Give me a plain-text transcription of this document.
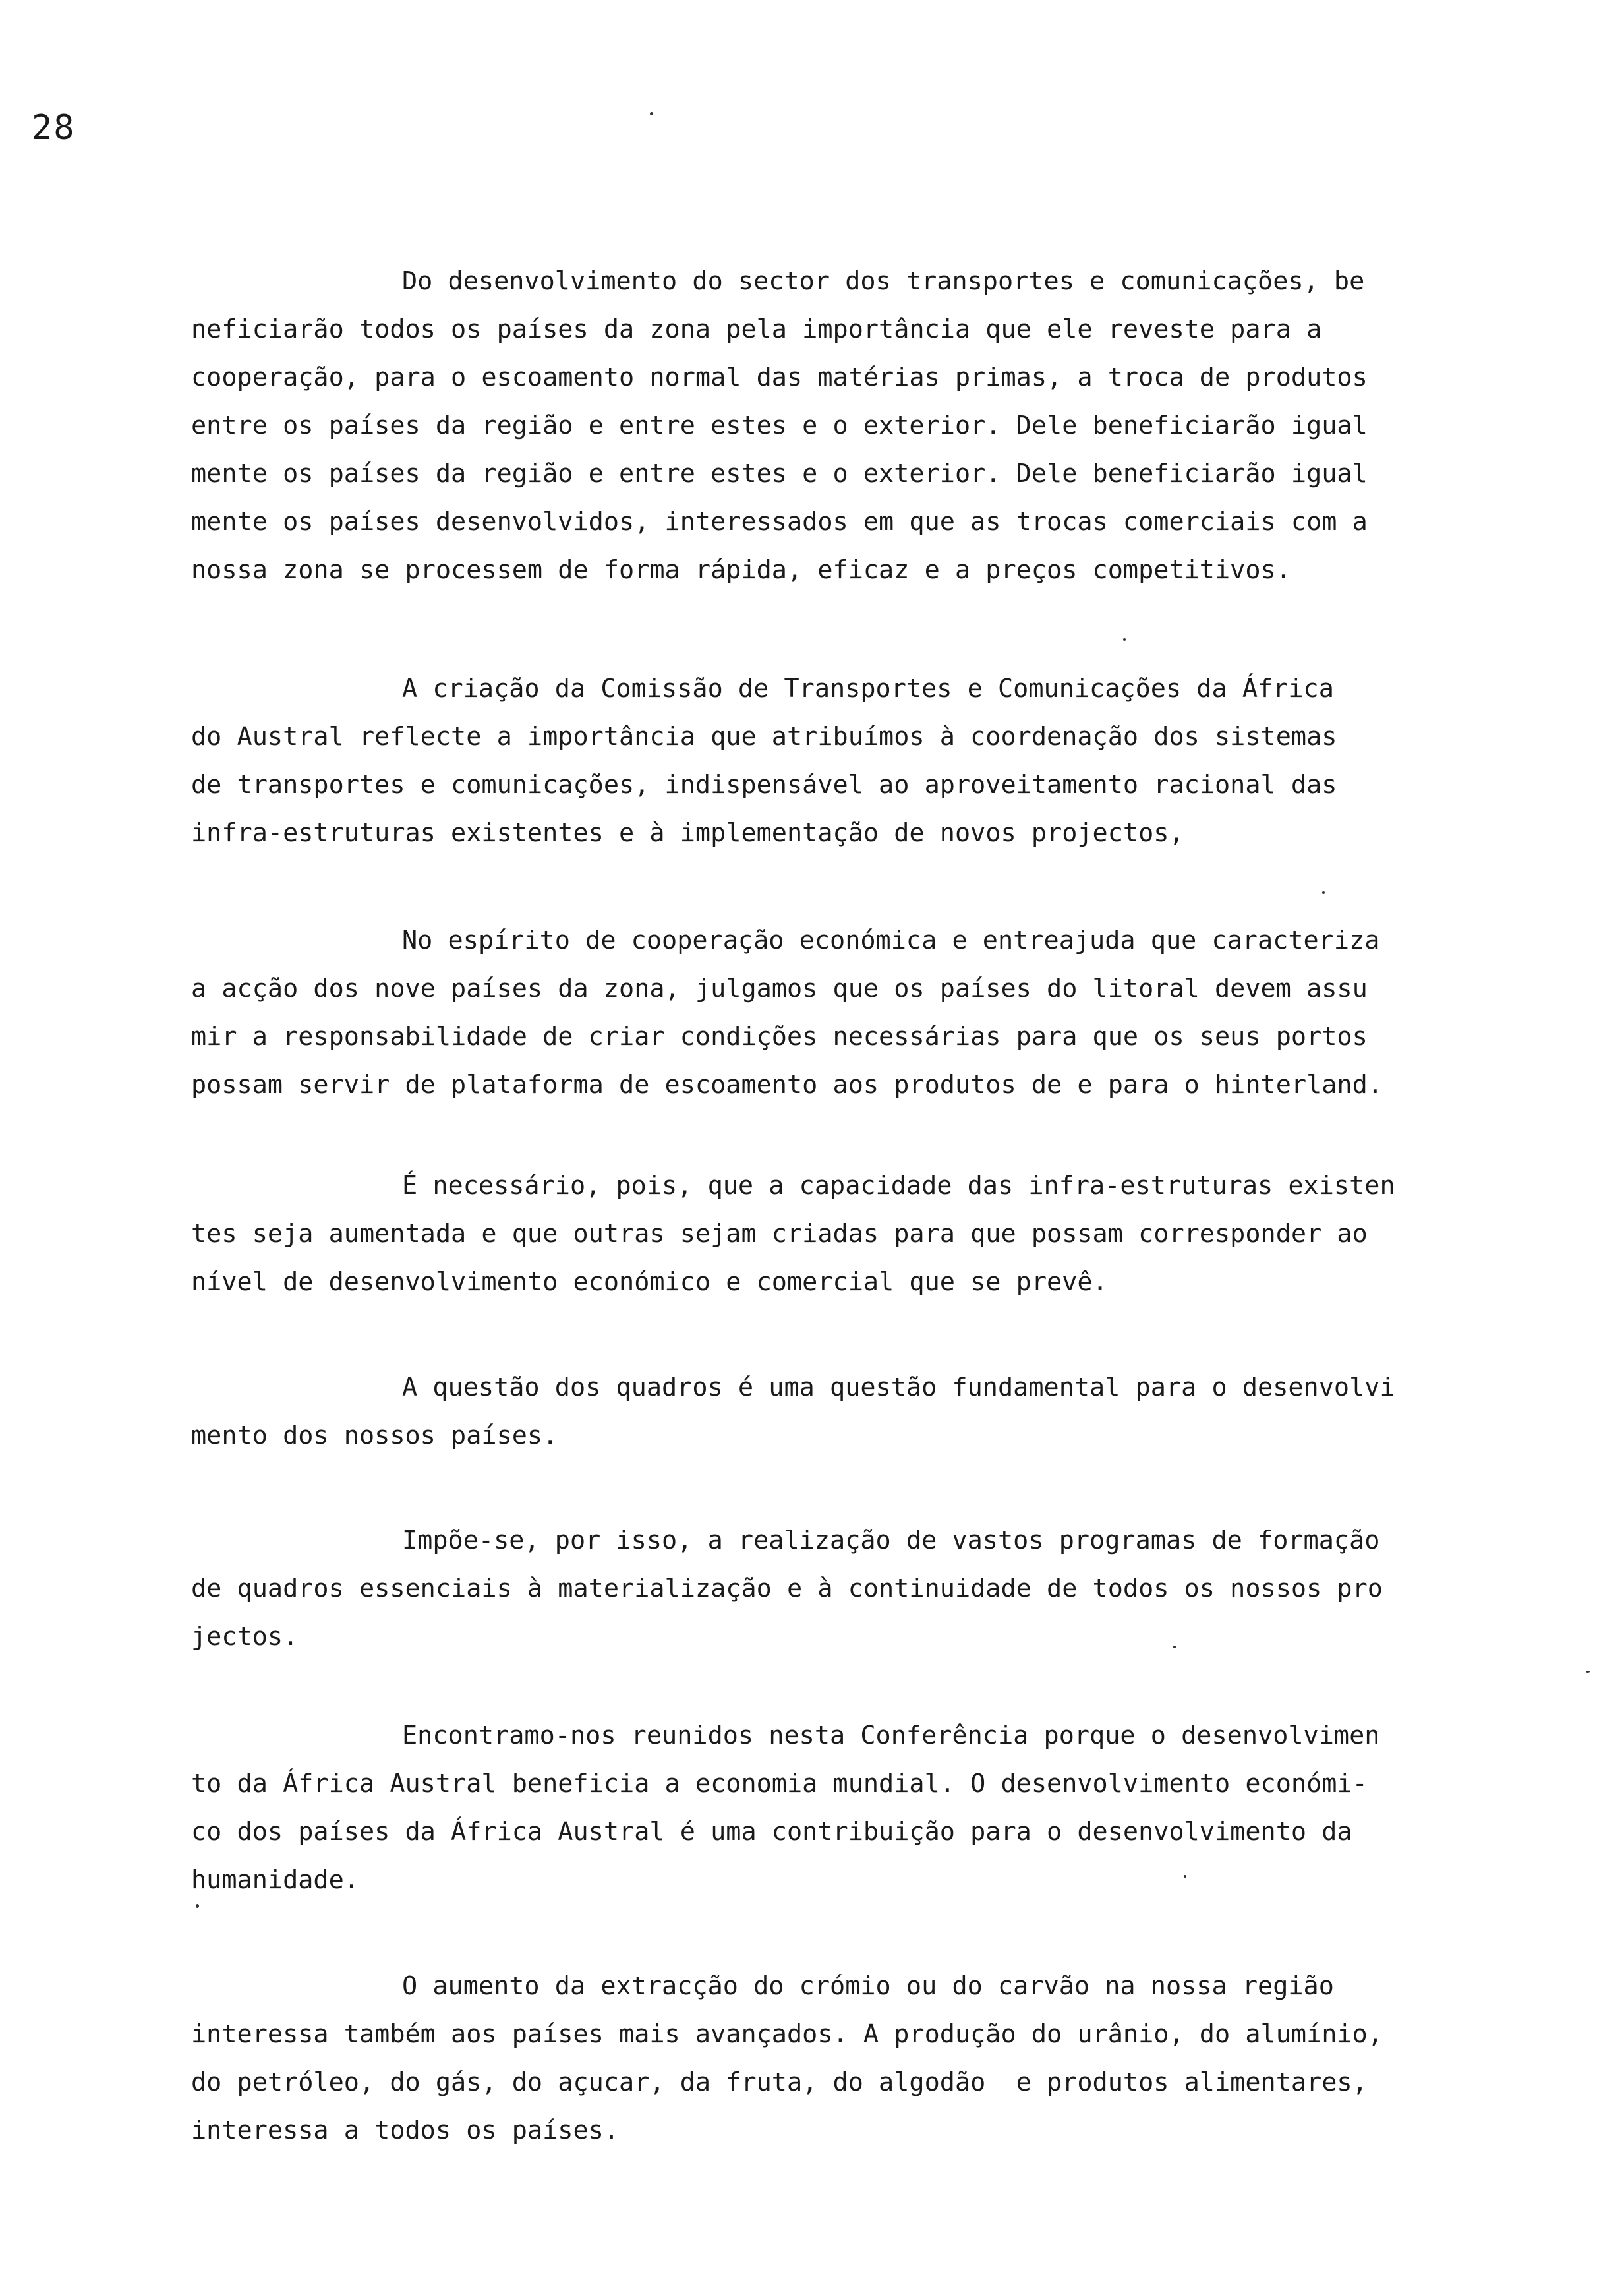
28
Do desenvolvimento do sector dos transportes e comunicações, be
neficiarão todos os países da zona pela importância que ele reveste para a
cooperação, para o escoamento normal das matérias primas, a troca de produtos
entre os países da região e entre estes e o exterior. Dele beneficiarão igual
mente os países da região e entre estes e o exterior. Dele beneficiarão igual
mente os países desenvolvidos, interessados em que as trocas comerciais com a
nossa zona se processem de forma rápida, eficaz e a preços competitivos.
A criação da Comissão de Transportes e Comunicações da África
do Austral reflecte a importância que atribuímos à coordenação dos sistemas
de transportes e comunicações, indispensável ao aproveitamento racional das
infra-estruturas existentes e à implementação de novos projectos,
No espírito de cooperação económica e entreajuda que caracteriza
a acção dos nove países da zona, julgamos que os países do litoral devem assu
mir a responsabilidade de criar condições necessárias para que os seus portos
possam servir de plataforma de escoamento aos produtos de e para o hinterland.
É necessário, pois, que a capacidade das infra-estruturas existen
tes seja aumentada e que outras sejam criadas para que possam corresponder ao
nível de desenvolvimento económico e comercial que se prevê.
A questão dos quadros é uma questão fundamental para o desenvolvi
mento dos nossos países.
Impõe-se, por isso, a realização de vastos programas de formação
de quadros essenciais à materialização e à continuidade de todos os nossos pro
jectos.
Encontramo-nos reunidos nesta Conferência porque o desenvolvimen
to da África Austral beneficia a economia mundial. O desenvolvimento económi-
co dos países da África Austral é uma contribuição para o desenvolvimento da
humanidade.
O aumento da extracção do crómio ou do carvão na nossa região
interessa também aos países mais avançados. A produção do urânio, do alumínio,
do petróleo, do gás, do açucar, da fruta, do algodão  e produtos alimentares,
interessa a todos os países.
